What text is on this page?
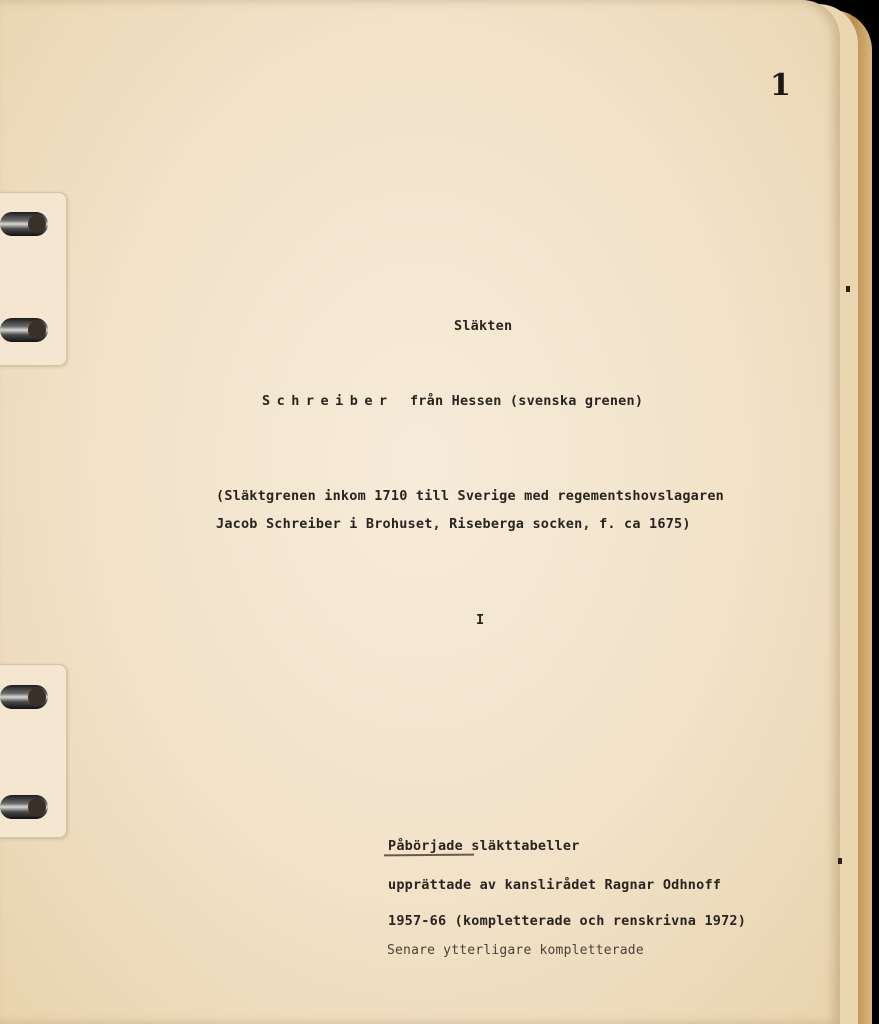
1
Släkten
Schreiber från Hessen (svenska grenen)
(Släktgrenen inkom 1710 till Sverige med regementshovslagaren
Jacob Schreiber i Brohuset, Riseberga socken, f. ca 1675)
I
Påbörjade släkttabeller
upprättade av kanslirådet Ragnar Odhnoff
1957-66 (kompletterade och renskrivna 1972)
Senare ytterligare kompletterade
